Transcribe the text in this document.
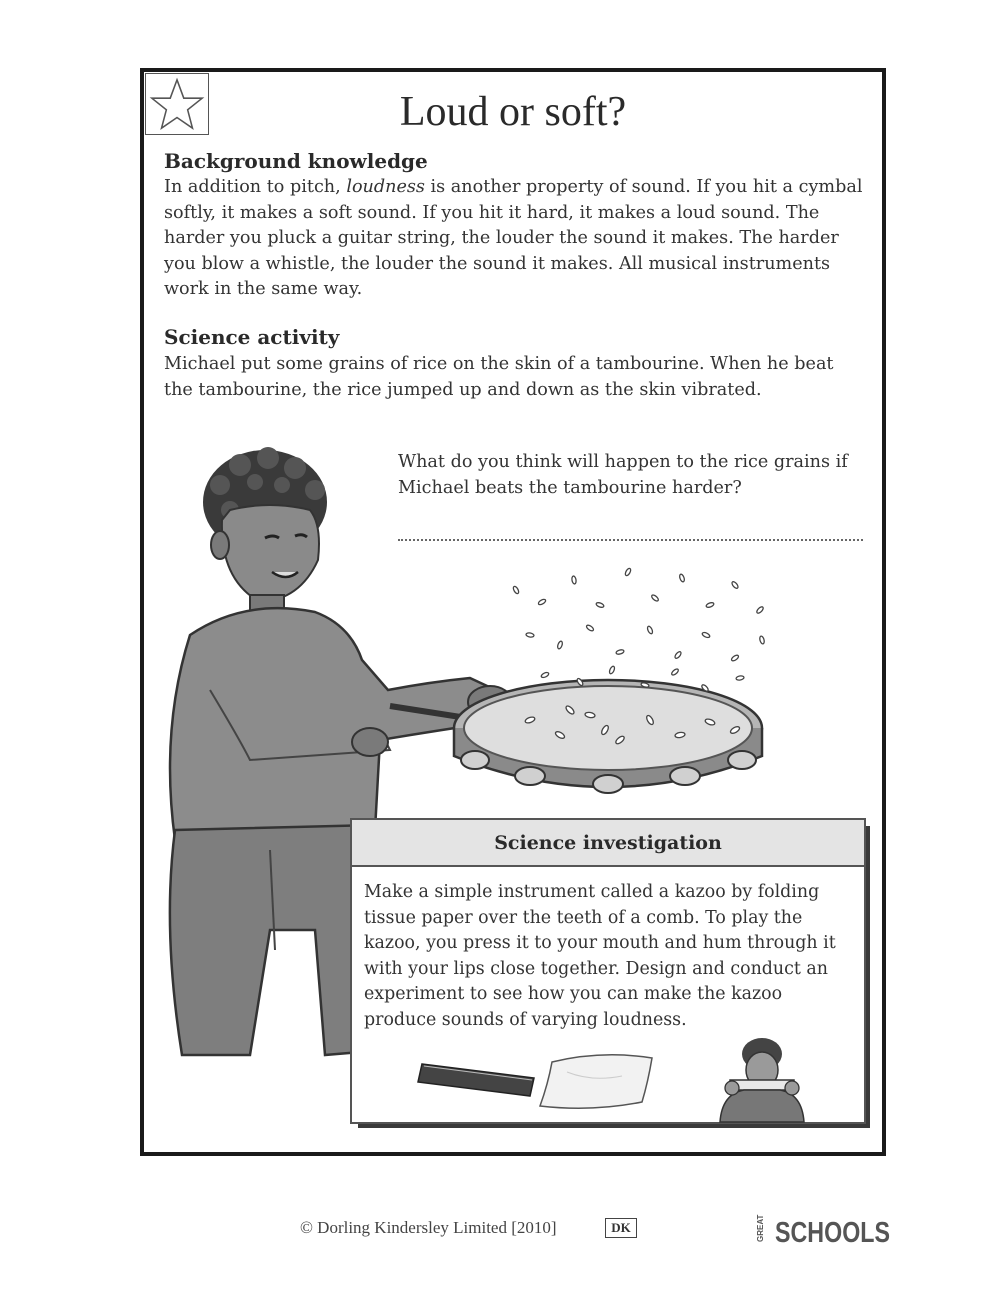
Loud or soft?
Background knowledge
In addition to pitch, loudness is another property of sound. If you hit a cymbal
softly, it makes a soft sound. If you hit it hard, it makes a loud sound. The
harder you pluck a guitar string, the louder the sound it makes. The harder
you blow a whistle, the louder the sound it makes. All musical instruments
work in the same way.
Science activity
Michael put some grains of rice on the skin of a tambourine. When he beat
the tambourine, the rice jumped up and down as the skin vibrated.
What do you think will happen to the rice grains if
Michael beats the tambourine harder?
Science investigation
Make a simple instrument called a kazoo by folding
tissue paper over the teeth of a comb. To play the
kazoo, you press it to your mouth and hum through it
with your lips close together. Design and conduct an
experiment to see how you can make the kazoo
produce sounds of varying loudness.
© Dorling Kindersley Limited [2010]	DK	GREAT SCHOOLS
